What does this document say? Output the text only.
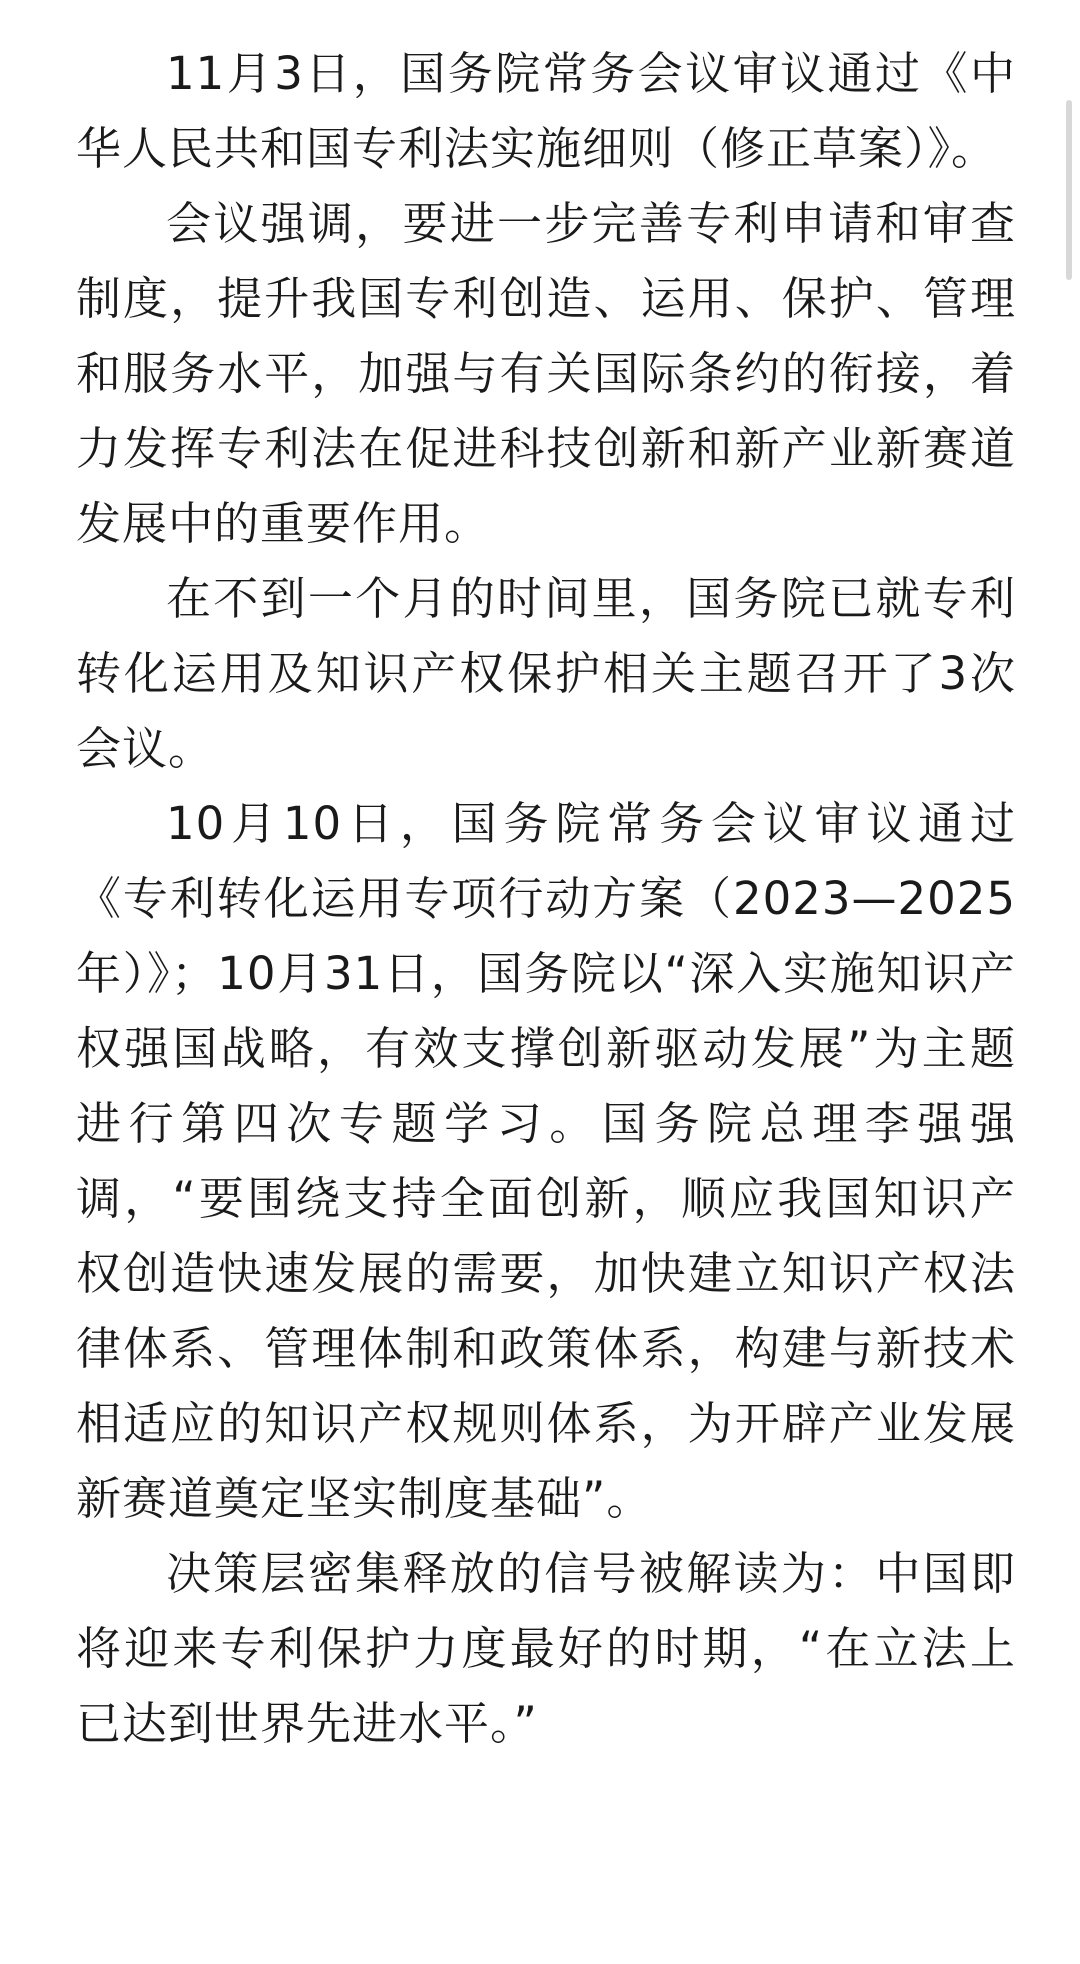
11月3日，国务院常务会议审议通过《中华人民共和国专利法实施细则（修正草案）》。

会议强调，要进一步完善专利申请和审查制度，提升我国专利创造、运用、保护、管理和服务水平，加强与有关国际条约的衔接，着力发挥专利法在促进科技创新和新产业新赛道发展中的重要作用。

在不到一个月的时间里，国务院已就专利转化运用及知识产权保护相关主题召开了3次会议。

10月10日，国务院常务会议审议通过《专利转化运用专项行动方案（2023—2025年）》；10月31日，国务院以“深入实施知识产权强国战略，有效支撑创新驱动发展”为主题进行第四次专题学习。国务院总理李强强调，“要围绕支持全面创新，顺应我国知识产权创造快速发展的需要，加快建立知识产权法律体系、管理体制和政策体系，构建与新技术相适应的知识产权规则体系，为开辟产业发展新赛道奠定坚实制度基础”。

决策层密集释放的信号被解读为：中国即将迎来专利保护力度最好的时期，“在立法上已达到世界先进水平。”
